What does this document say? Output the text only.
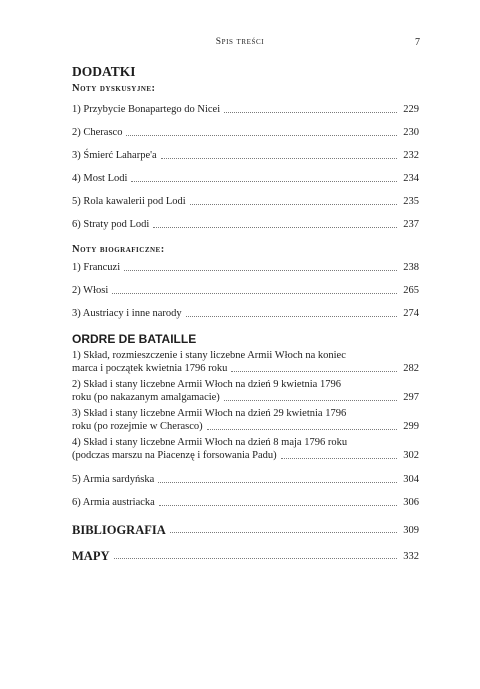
Spis treści	7
DODATKI
Noty dyskusyjne:
1) Przybycie Bonapartego do Nicei	229
2) Cherasco	230
3) Śmierć Laharpe'a	232
4) Most Lodi	234
5) Rola kawalerii pod Lodi	235
6) Straty pod Lodi	237
Noty biograficzne:
1) Francuzi	238
2) Włosi	265
3) Austriacy i inne narody	274
ORDRE DE BATAILLE
1) Skład, rozmieszczenie i stany liczebne Armii Włoch na koniec
marca i początek kwietnia 1796 roku	282
2) Skład i stany liczebne Armii Włoch na dzień 9 kwietnia 1796
roku (po nakazanym amalgamacie)	297
3) Skład i stany liczebne Armii Włoch na dzień 29 kwietnia 1796
roku (po rozejmie w Cherasco)	299
4) Skład i stany liczebne Armii Włoch na dzień 8 maja 1796 roku
(podczas marszu na Piacenzę i forsowania Padu)	302
5) Armia sardyńska	304
6) Armia austriacka	306
BIBLIOGRAFIA	309
MAPY	332
